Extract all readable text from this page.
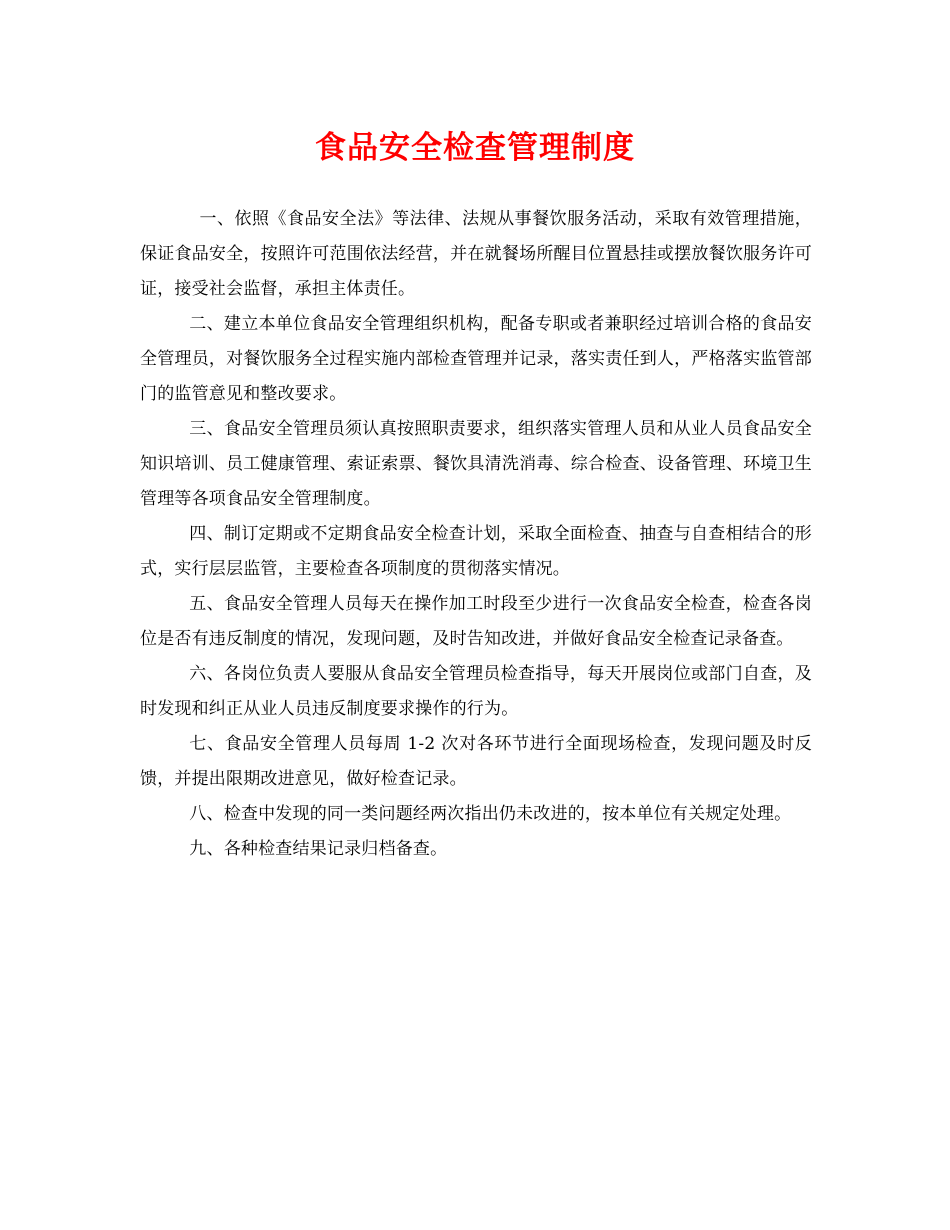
食品安全检查管理制度

一、依照《食品安全法》等法律、法规从事餐饮服务活动，采取有效管理措施，保证食品安全，按照许可范围依法经营，并在就餐场所醒目位置悬挂或摆放餐饮服务许可证，接受社会监督，承担主体责任。

二、建立本单位食品安全管理组织机构，配备专职或者兼职经过培训合格的食品安全管理员，对餐饮服务全过程实施内部检查管理并记录，落实责任到人，严格落实监管部门的监管意见和整改要求。

三、食品安全管理员须认真按照职责要求，组织落实管理人员和从业人员食品安全知识培训、员工健康管理、索证索票、餐饮具清洗消毒、综合检查、设备管理、环境卫生管理等各项食品安全管理制度。

四、制订定期或不定期食品安全检查计划，采取全面检查、抽查与自查相结合的形式，实行层层监管，主要检查各项制度的贯彻落实情况。

五、食品安全管理人员每天在操作加工时段至少进行一次食品安全检查，检查各岗位是否有违反制度的情况，发现问题，及时告知改进，并做好食品安全检查记录备查。

六、各岗位负责人要服从食品安全管理员检查指导，每天开展岗位或部门自查，及时发现和纠正从业人员违反制度要求操作的行为。

七、食品安全管理人员每周 1-2 次对各环节进行全面现场检查，发现问题及时反馈，并提出限期改进意见，做好检查记录。

八、检查中发现的同一类问题经两次指出仍未改进的，按本单位有关规定处理。

九、各种检查结果记录归档备查。
